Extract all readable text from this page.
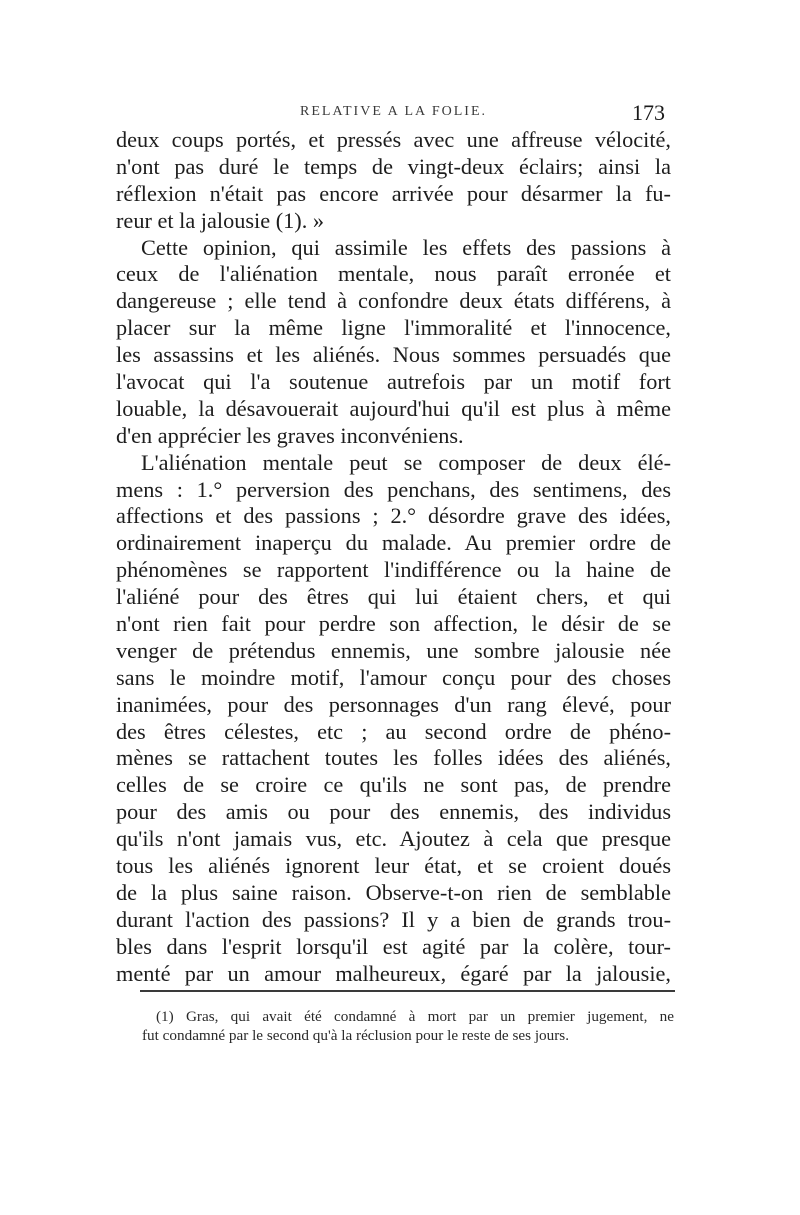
RELATIVE A LA FOLIE.	173
deux coups portés, et pressés avec une affreuse vélocité,
n'ont pas duré le temps de vingt-deux éclairs; ainsi la
réflexion n'était pas encore arrivée pour désarmer la fu-
reur et la jalousie (1). »
Cette opinion, qui assimile les effets des passions à
ceux de l'aliénation mentale, nous paraît erronée et
dangereuse ; elle tend à confondre deux états différens, à
placer sur la même ligne l'immoralité et l'innocence,
les assassins et les aliénés. Nous sommes persuadés que
l'avocat qui l'a soutenue autrefois par un motif fort
louable, la désavouerait aujourd'hui qu'il est plus à même
d'en apprécier les graves inconvéniens.
L'aliénation mentale peut se composer de deux élé-
mens : 1.° perversion des penchans, des sentimens, des
affections et des passions ; 2.° désordre grave des idées,
ordinairement inaperçu du malade. Au premier ordre de
phénomènes se rapportent l'indifférence ou la haine de
l'aliéné pour des êtres qui lui étaient chers, et qui
n'ont rien fait pour perdre son affection, le désir de se
venger de prétendus ennemis, une sombre jalousie née
sans le moindre motif, l'amour conçu pour des choses
inanimées, pour des personnages d'un rang élevé, pour
des êtres célestes, etc ; au second ordre de phéno-
mènes se rattachent toutes les folles idées des aliénés,
celles de se croire ce qu'ils ne sont pas, de prendre
pour des amis ou pour des ennemis, des individus
qu'ils n'ont jamais vus, etc. Ajoutez à cela que presque
tous les aliénés ignorent leur état, et se croient doués
de la plus saine raison. Observe-t-on rien de semblable
durant l'action des passions? Il y a bien de grands trou-
bles dans l'esprit lorsqu'il est agité par la colère, tour-
menté par un amour malheureux, égaré par la jalousie,
(1) Gras, qui avait été condamné à mort par un premier jugement, ne
fut condamné par le second qu'à la réclusion pour le reste de ses jours.
